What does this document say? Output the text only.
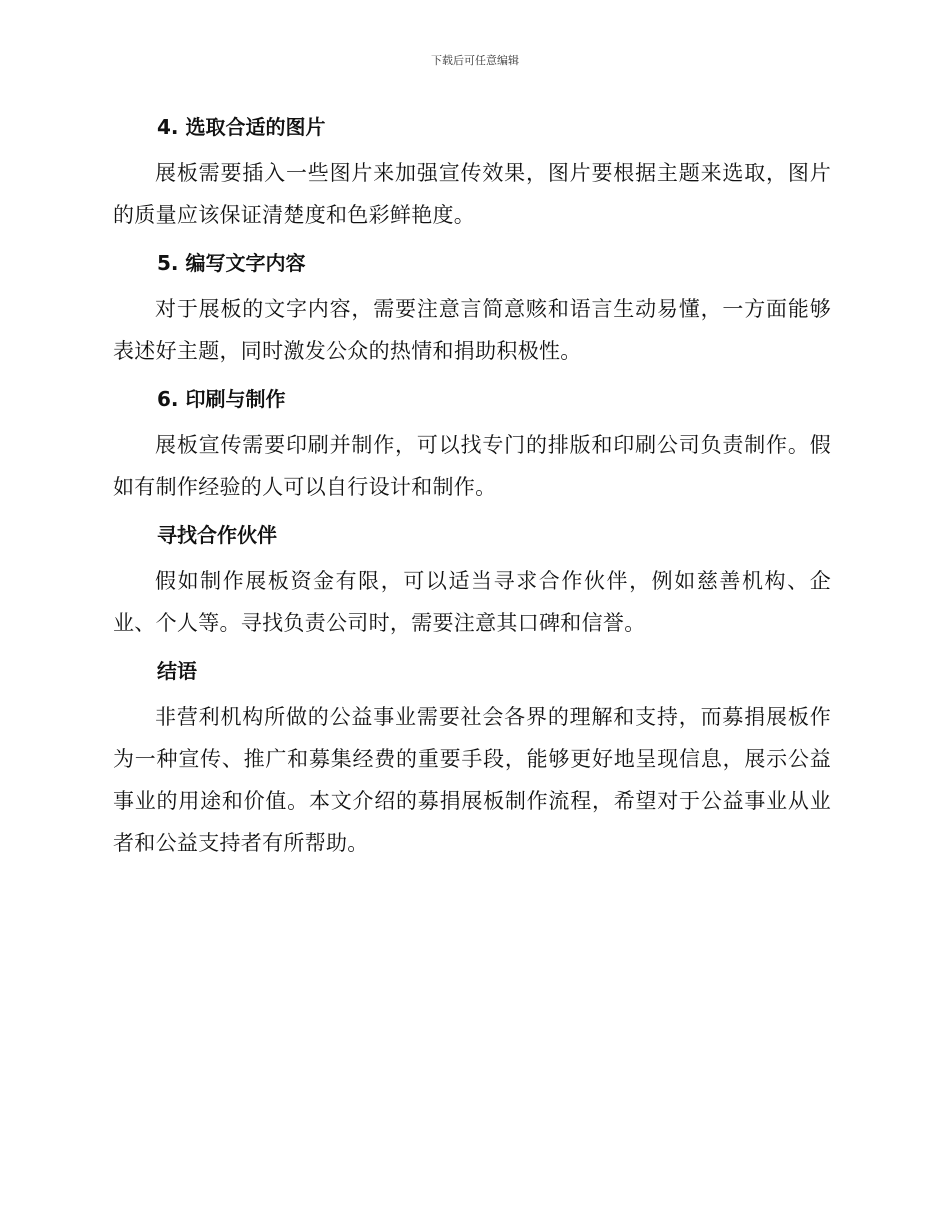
下载后可任意编辑
4. 选取合适的图片

展板需要插入一些图片来加强宣传效果，图片要根据主题来选取，图片的质量应该保证清楚度和色彩鲜艳度。

5. 编写文字内容

对于展板的文字内容，需要注意言简意赅和语言生动易懂，一方面能够表述好主题，同时激发公众的热情和捐助积极性。

6. 印刷与制作

展板宣传需要印刷并制作，可以找专门的排版和印刷公司负责制作。假如有制作经验的人可以自行设计和制作。

寻找合作伙伴

假如制作展板资金有限，可以适当寻求合作伙伴，例如慈善机构、企业、个人等。寻找负责公司时，需要注意其口碑和信誉。

结语

非营利机构所做的公益事业需要社会各界的理解和支持，而募捐展板作为一种宣传、推广和募集经费的重要手段，能够更好地呈现信息，展示公益事业的用途和价值。本文介绍的募捐展板制作流程，希望对于公益事业从业者和公益支持者有所帮助。
